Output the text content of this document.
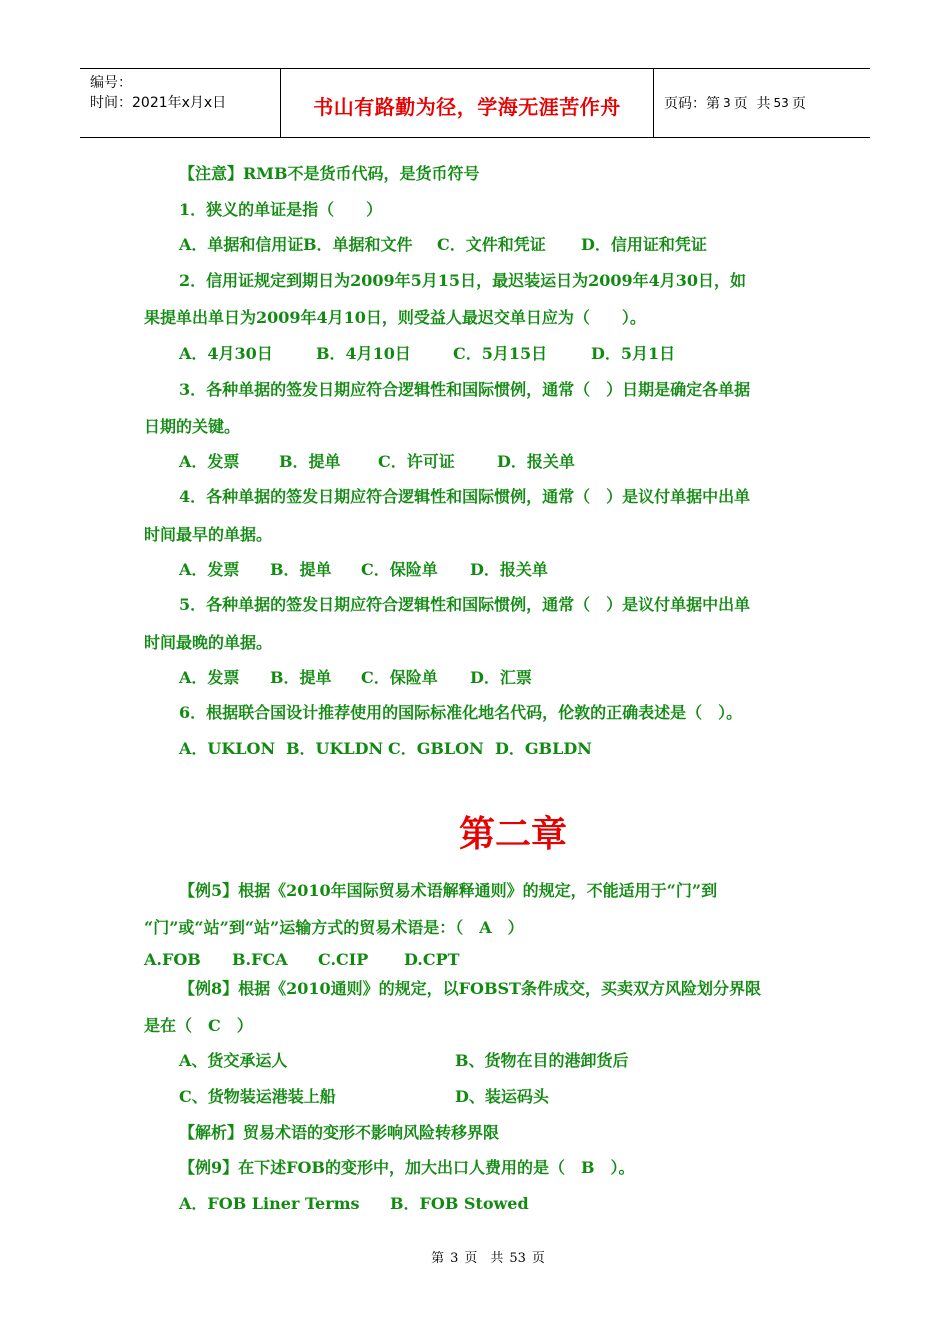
编号：
时间：2021年x月x日	书山有路勤为径，学海无涯苦作舟	页码：第 3 页  共 53 页
【注意】RMB不是货币代码，是货币符号
1．狭义的单证是指（　　）
A．单据和信用证B．单据和文件 C．文件和凭证 D．信用证和凭证
2．信用证规定到期日为2009年5月15日，最迟装运日为2009年4月30日，如
果提单出单日为2009年4月10日，则受益人最迟交单日应为（　　）。
A．4月30日	B．4月10日	C．5月15日	D．5月1日
3．各种单据的签发日期应符合逻辑性和国际惯例，通常（　）日期是确定各单据
日期的关键。
A．发票 B．提单 C．许可证	D．报关单
4．各种单据的签发日期应符合逻辑性和国际惯例，通常（　）是议付单据中出单
时间最早的单据。
A．发票 B．提单 C．保险单 D．报关单
5．各种单据的签发日期应符合逻辑性和国际惯例，通常（　）是议付单据中出单
时间最晚的单据。
A．发票 B．提单 C．保险单 D．汇票
6．根据联合国设计推荐使用的国际标准化地名代码，伦敦的正确表述是（　）。
A．UKLON B．UKLDN C．GBLON D．GBLDN
第二章
【例5】根据《2010年国际贸易术语解释通则》的规定，不能适用于“门”到
“门”或“站”到“站”运输方式的贸易术语是：（　A　）
A.FOB B.FCA C.CIP D.CPT
【例8】根据《2010通则》的规定，以FOBST条件成交，买卖双方风险划分界限
是在（　C　）
A、货交承运人	B、货物在目的港卸货后
C、货物装运港装上船	D、装运码头
【解析】贸易术语的变形不影响风险转移界限
【例9】在下述FOB的变形中，加大出口人费用的是（　B　）。
A．FOB Liner Terms B．FOB Stowed
第 3 页　共 53 页
